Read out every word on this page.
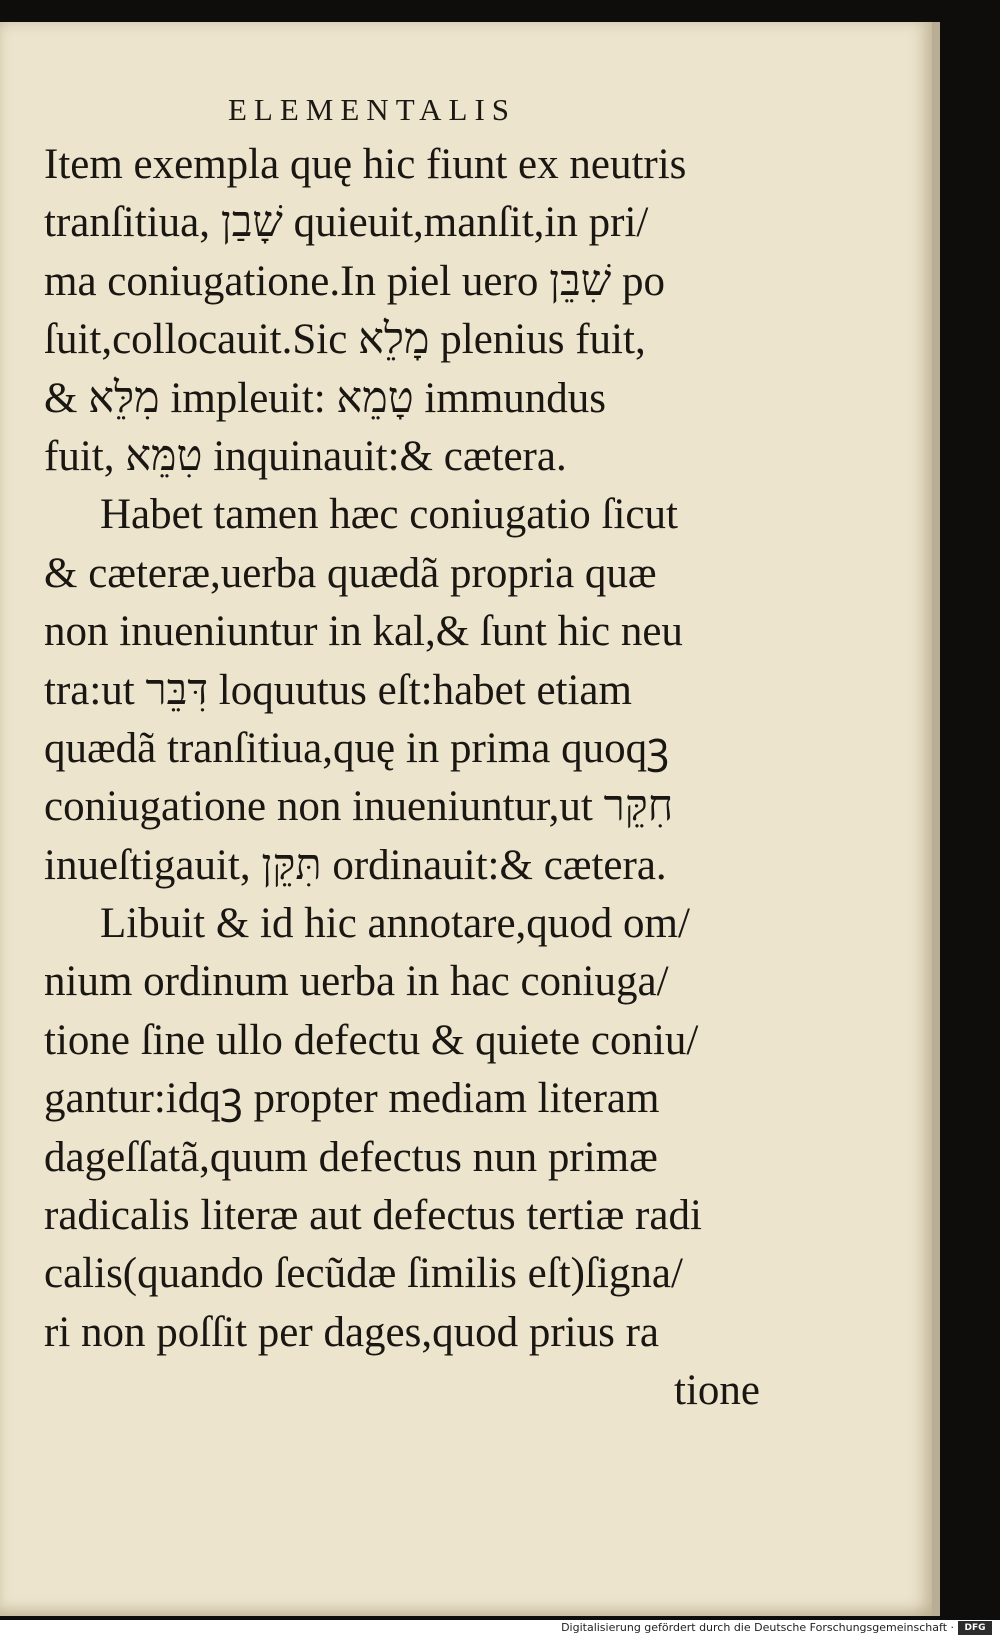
ELEMENTALIS
Item exempla quę hic fiunt ex neutris
tranſitiua, שָׁבַן quieuit,manſit,in pri/
ma coniugatione.In piel uero שִׁבֵּן po
ſuit,collocauit.Sic מָלֵא plenius fuit,
& מִלֵּא impleuit: טָמֵא immundus
fuit, טִמֵּא inquinauit:& cætera.
Habet tamen hæc coniugatio ſicut
& cæteræ,uerba quædã propria quæ
non inueniuntur in kal,& ſunt hic neu
tra:ut דִּבֵּר loquutus eſt:habet etiam
quædã tranſitiua,quę in prima quoqꝫ
coniugatione non inueniuntur,ut חִקֵּר
inueſtigauit, תִּקֵּן ordinauit:& cætera.
Libuit & id hic annotare,quod om/
nium ordinum uerba in hac coniuga/
tione ſine ullo defectu & quiete coniu/
gantur:idqꝫ propter mediam literam
dageſſatã,quum defectus nun primæ
radicalis literæ aut defectus tertiæ radi
calis(quando ſecũdæ ſimilis eſt)ſigna/
ri non poſſit per dages,quod prius ra
tione
Digitalisierung gefördert durch die Deutsche Forschungsgemeinschaft ·	DFG
